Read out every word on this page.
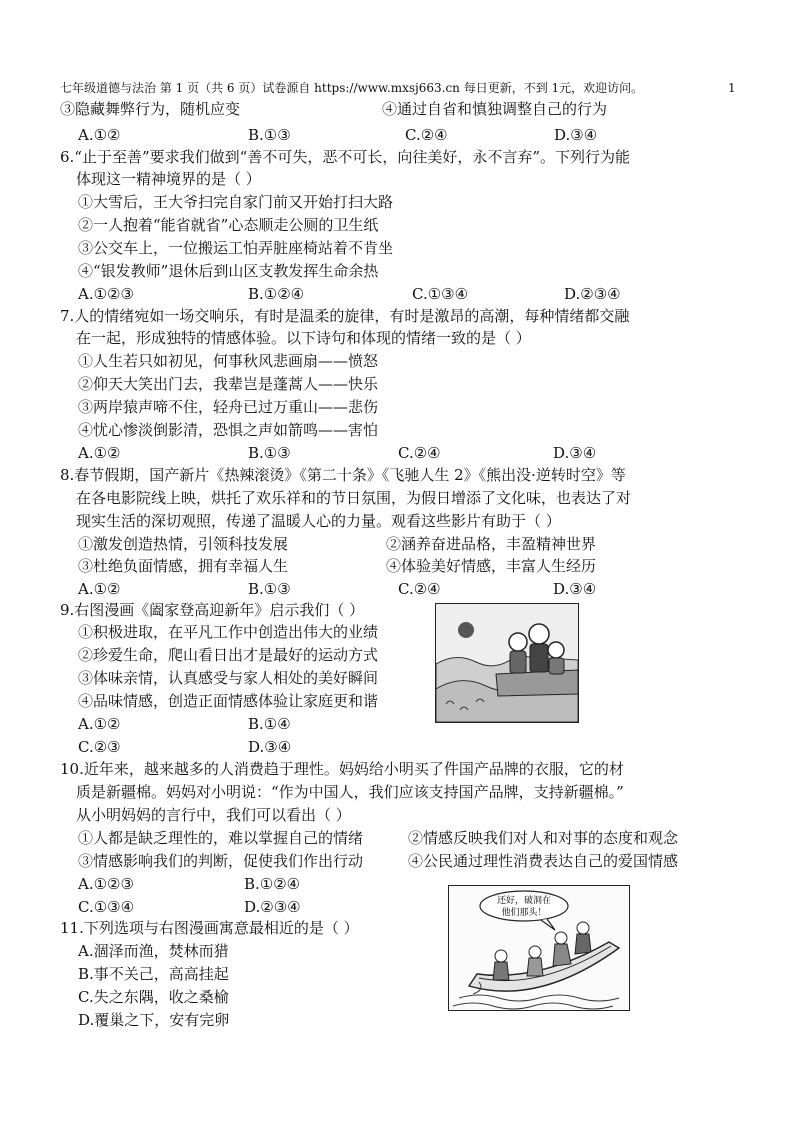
七年级道德与法治 第 1 页（共 6 页）试卷源自 https://www.mxsj663.cn 每日更新，不到 1元，欢迎访问。	1
③隐藏舞弊行为，随机应变	④通过自省和慎独调整自己的行为
A.①②	B.①③	C.②④	D.③④
6.“止于至善”要求我们做到“善不可失，恶不可长，向往美好，永不言弃”。下列行为能
体现这一精神境界的是（ ）
①大雪后，王大爷扫完自家门前又开始打扫大路
②一人抱着“能省就省”心态顺走公厕的卫生纸
③公交车上，一位搬运工怕弄脏座椅站着不肯坐
④“银发教师”退休后到山区支教发挥生命余热
A.①②③	B.①②④	C.①③④	D.②③④
7.人的情绪宛如一场交响乐，有时是温柔的旋律，有时是激昂的高潮，每种情绪都交融
在一起，形成独特的情感体验。以下诗句和体现的情绪一致的是（ ）
①人生若只如初见，何事秋风悲画扇——愤怒
②仰天大笑出门去，我辈岂是蓬蒿人——快乐
③两岸猿声啼不住，轻舟已过万重山——悲伤
④忧心惨淡倒影清，恐惧之声如箭鸣——害怕
A.①②	B.①③	C.②④	D.③④
8.春节假期，国产新片《热辣滚烫》《第二十条》《飞驰人生 2》《熊出没·逆转时空》等
在各电影院线上映，烘托了欢乐祥和的节日氛围，为假日增添了文化味，也表达了对
现实生活的深切观照，传递了温暖人心的力量。观看这些影片有助于（ ）
①激发创造热情，引领科技发展	②涵养奋进品格，丰盈精神世界
③杜绝负面情感，拥有幸福人生	④体验美好情感，丰富人生经历
A.①②	B.①③	C.②④	D.③④
9.右图漫画《阖家登高迎新年》启示我们（ ）
①积极进取，在平凡工作中创造出伟大的业绩
②珍爱生命，爬山看日出才是最好的运动方式
③体味亲情，认真感受与家人相处的美好瞬间
④品味情感，创造正面情感体验让家庭更和谐
A.①②	B.①④
C.②③	D.③④
10.近年来，越来越多的人消费趋于理性。妈妈给小明买了件国产品牌的衣服，它的材
质是新疆棉。妈妈对小明说：“作为中国人，我们应该支持国产品牌，支持新疆棉。”
从小明妈妈的言行中，我们可以看出（ ）
①人都是缺乏理性的，难以掌握自己的情绪	②情感反映我们对人和对事的态度和观念
③情感影响我们的判断，促使我们作出行动	④公民通过理性消费表达自己的爱国情感
A.①②③	B.①②④
C.①③④	D.②③④
11.下列选项与右图漫画寓意最相近的是（ ）
A.涸泽而渔，焚林而猎
B.事不关己，高高挂起
C.失之东隅，收之桑榆
D.覆巢之下，安有完卵
还好，破洞在
他们那头！
